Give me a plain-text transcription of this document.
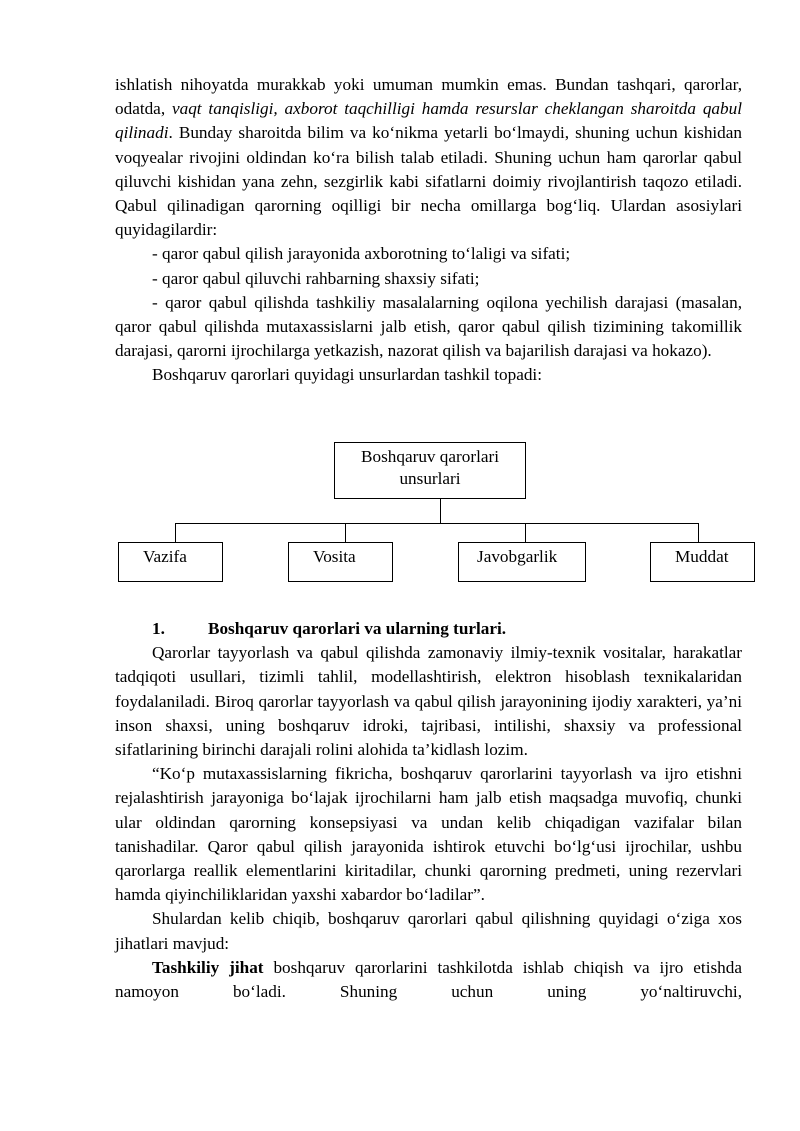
ishlatish nihoyatda murakkab yoki umuman mumkin emas. Bundan tashqari, qarorlar, odatda, vaqt tanqisligi, axborot taqchilligi hamda resurslar cheklangan sharoitda qabul qilinadi. Bunday sharoitda bilim va ko‘nikma yetarli bo‘lmaydi, shuning uchun kishidan voqyealar rivojini oldindan ko‘ra bilish talab etiladi. Shuning uchun ham qarorlar qabul qiluvchi kishidan yana zehn, sezgirlik kabi sifatlarni doimiy rivojlantirish taqozo etiladi. Qabul qilinadigan qarorning oqilligi bir necha omillarga bog‘liq. Ulardan asosiylari quyidagilardir:

- qaror qabul qilish jarayonida axborotning to‘laligi va sifati;

- qaror qabul qiluvchi rahbarning shaxsiy sifati;

- qaror qabul qilishda tashkiliy masalalarning oqilona yechilish darajasi (masalan, qaror qabul qilishda mutaxassislarni jalb etish, qaror qabul qilish tizimining takomillik darajasi, qarorni ijrochilarga yetkazish, nazorat qilish va bajarilish darajasi va hokazo).

Boshqaruv qarorlari quyidagi unsurlardan tashkil topadi:

Boshqaruv qarorlari
unsurlari
Vazifa	Vosita	Javobgarlik	Muddat

1.	Boshqaruv qarorlari va ularning turlari.

Qarorlar tayyorlash va qabul qilishda zamonaviy ilmiy-texnik vositalar, harakatlar tadqiqoti usullari, tizimli tahlil, modellashtirish, elektron hisoblash texnikalaridan foydalaniladi. Biroq qarorlar tayyorlash va qabul qilish jarayonining ijodiy xarakteri, ya’ni inson shaxsi, uning boshqaruv idroki, tajribasi, intilishi, shaxsiy va professional sifatlarining birinchi darajali rolini alohida ta’kidlash lozim.

“Ko‘p mutaxassislarning fikricha, boshqaruv qarorlarini tayyorlash va ijro etishni rejalashtirish jarayoniga bo‘lajak ijrochilarni ham jalb etish maqsadga muvofiq, chunki ular oldindan qarorning konsepsiyasi va undan kelib chiqadigan vazifalar bilan tanishadilar. Qaror qabul qilish jarayonida ishtirok etuvchi bo‘lg‘usi ijrochilar, ushbu qarorlarga reallik elementlarini kiritadilar, chunki qarorning predmeti, uning rezervlari hamda qiyinchiliklaridan yaxshi xabardor bo‘ladilar”.

Shulardan kelib chiqib, boshqaruv qarorlari qabul qilishning quyidagi o‘ziga xos jihatlari mavjud:

Tashkiliy jihat boshqaruv qarorlarini tashkilotda ishlab chiqish va ijro etishda namoyon bo‘ladi. Shuning uchun uning yo‘naltiruvchi,
